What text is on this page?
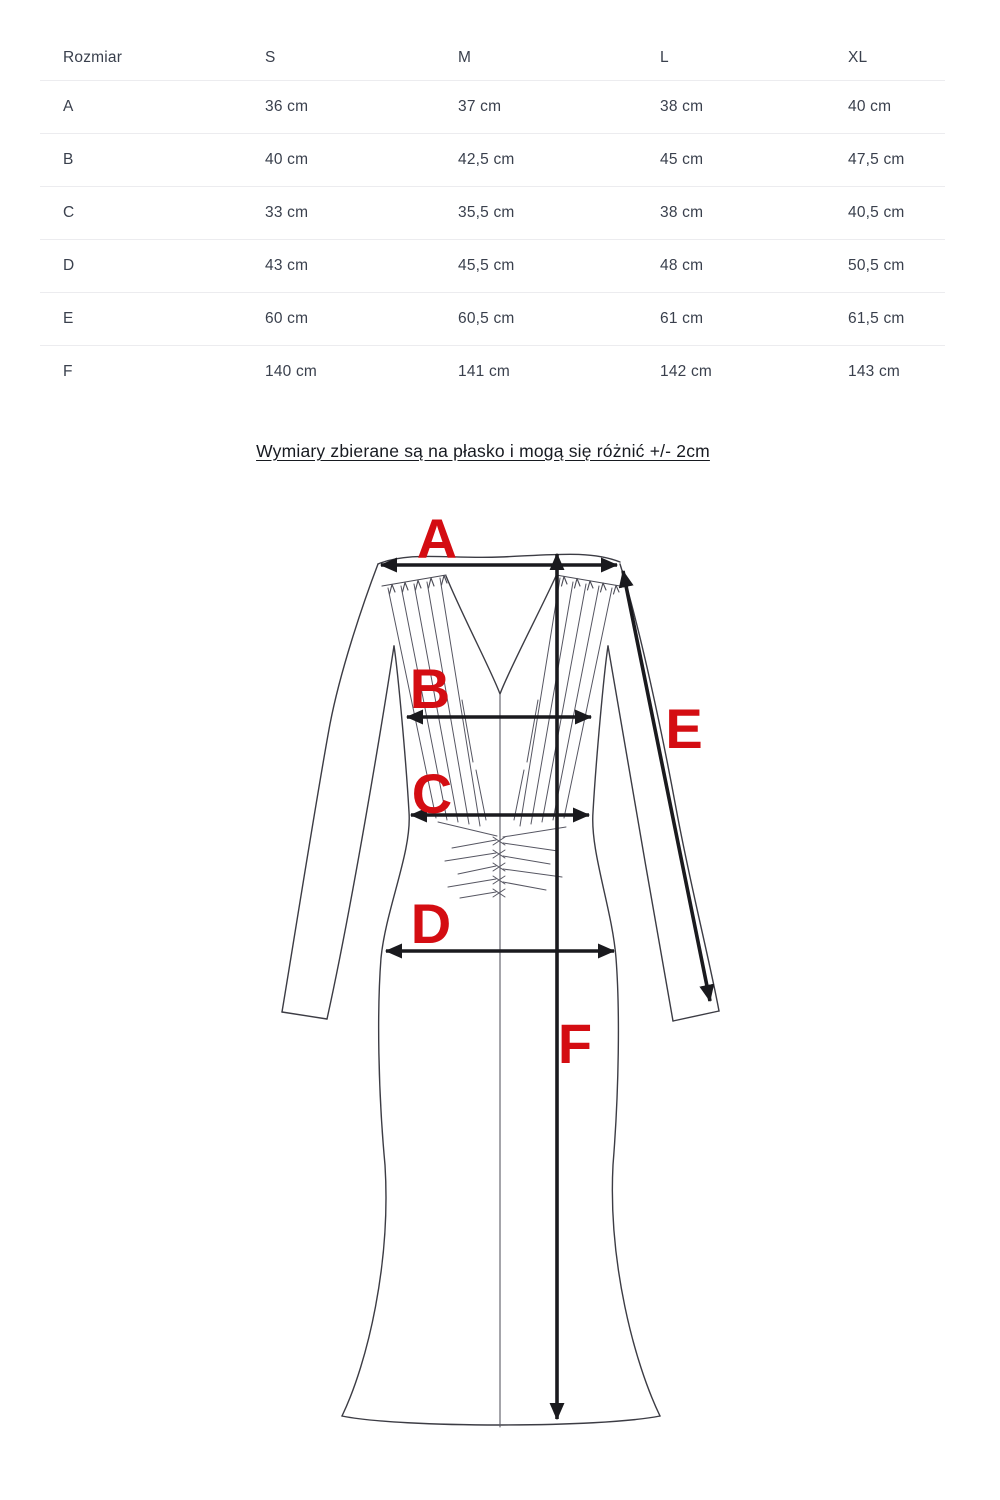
Rozmiar	S	M	L	XL
A	36 cm	37 cm	38 cm	40 cm
B	40 cm	42,5 cm	45 cm	47,5 cm
C	33 cm	35,5 cm	38 cm	40,5 cm
D	43 cm	45,5 cm	48 cm	50,5 cm
E	60 cm	60,5 cm	61 cm	61,5 cm
F	140 cm	141 cm	142 cm	143 cm
Wymiary zbierane są na płasko i mogą się różnić +/- 2cm
A
B
C
D
E
F
